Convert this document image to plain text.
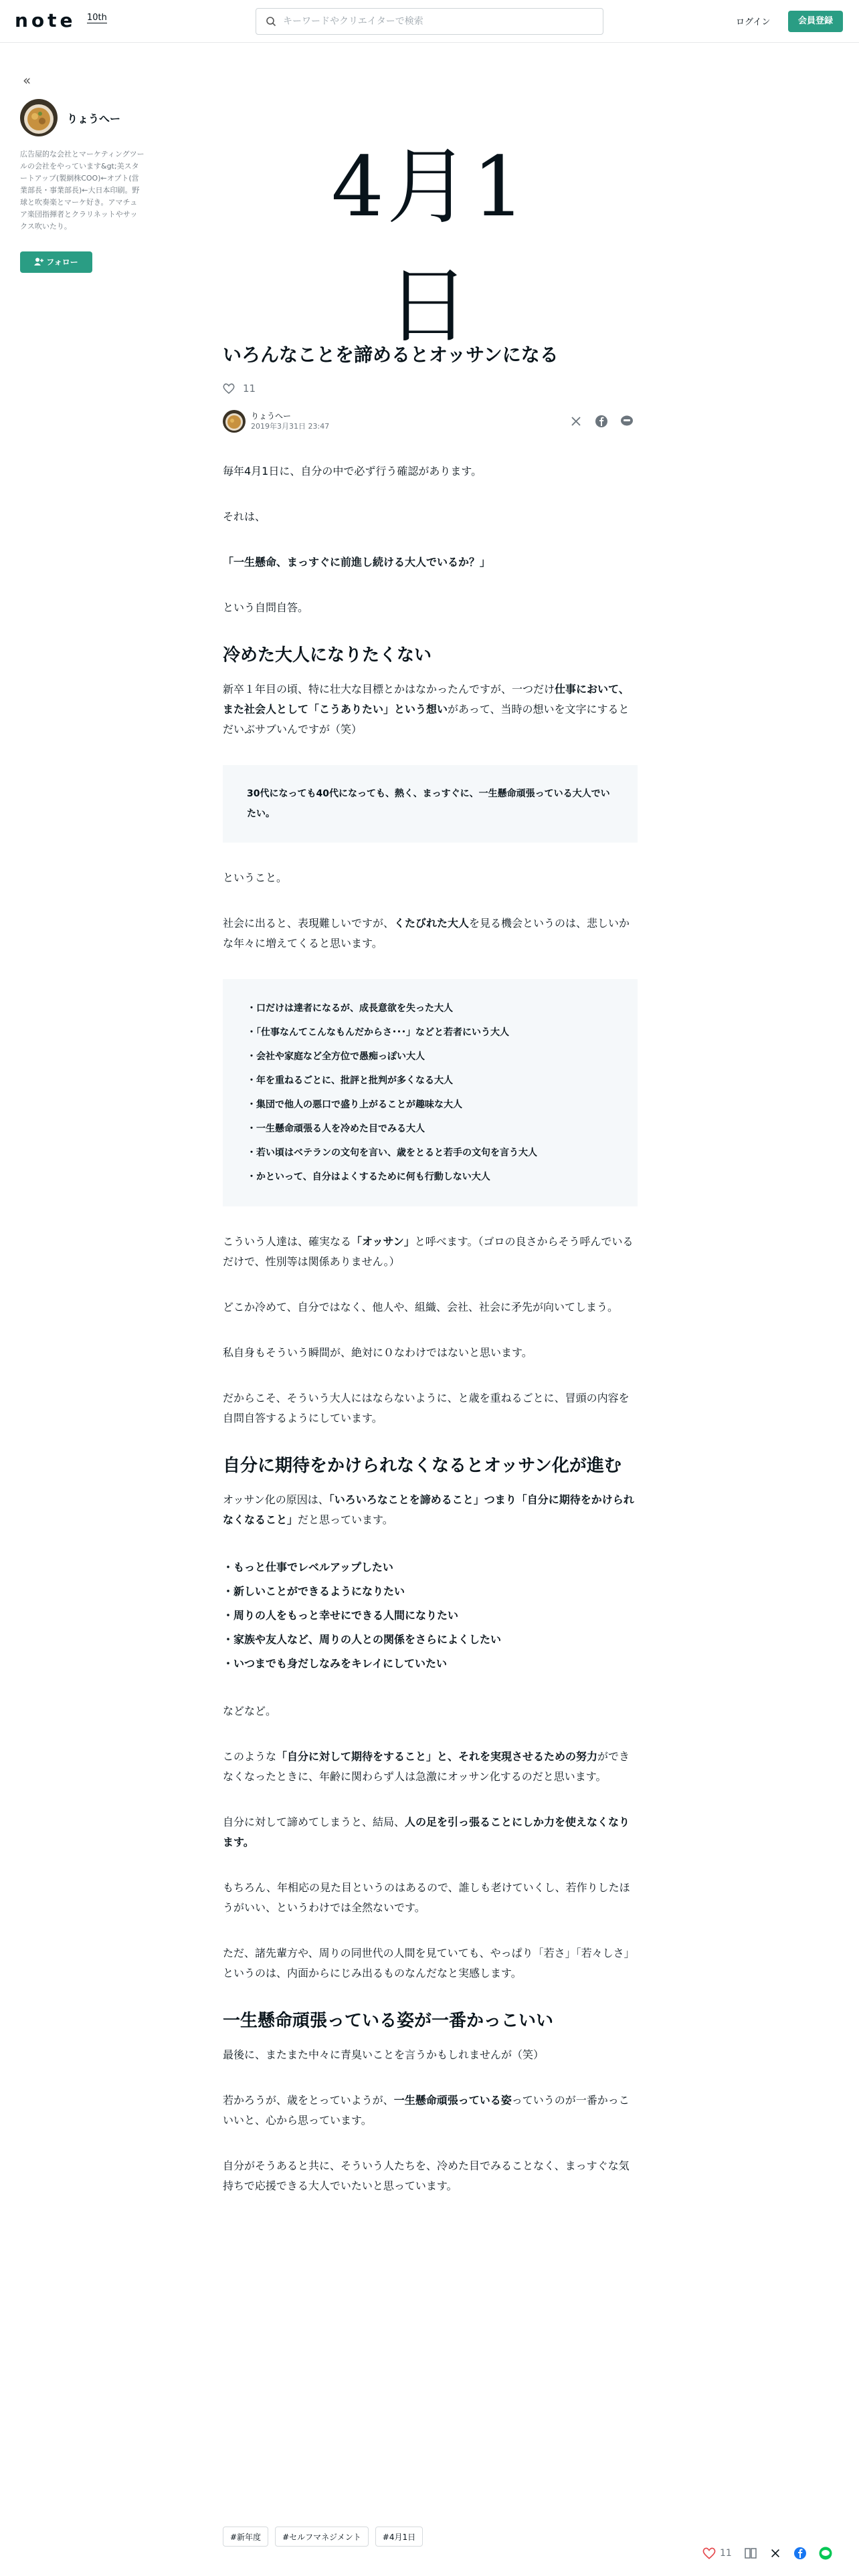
note 10th
キーワードやクリエイターで検索	ログイン	会員登録
«
りょうへー
広告屋的な会社とマーケティングツールの会社をやっています&gt;美スタートアップ(製網株COO)←オプト(営業部長・事業部長)←大日本印刷。野球と吹奏楽とマーケ好き。アマチュア楽団指揮者とクラリネットやサックス吹いたり。
フォロー
4月1日
いろんなことを諦めるとオッサンになる
11
りょうへー
2019年3月31日 23:47
毎年4月1日に、自分の中で必ず行う確認があります。
それは、
「一生懸命、まっすぐに前進し続ける大人でいるか？」
という自問自答。
冷めた大人になりたくない
新卒１年目の頃、特に壮大な目標とかはなかったんですが、一つだけ仕事において、また社会人として「こうありたい」という想いがあって、当時の想いを文字にするとだいぶサブいんですが（笑）
30代になっても40代になっても、熱く、まっすぐに、一生懸命頑張っている大人でいたい。
ということ。
社会に出ると、表現難しいですが、くたびれた大人を見る機会というのは、悲しいかな年々に増えてくると思います。
・口だけは達者になるが、成長意欲を失った大人
・「仕事なんてこんなもんだからさ･･･」などと若者にいう大人
・会社や家庭など全方位で愚痴っぽい大人
・年を重ねるごとに、批評と批判が多くなる大人
・集団で他人の悪口で盛り上がることが趣味な大人
・一生懸命頑張る人を冷めた目でみる大人
・若い頃はベテランの文句を言い、歳をとると若手の文句を言う大人
・かといって、自分はよくするために何も行動しない大人
こういう人達は、確実なる「オッサン」と呼べます。（ゴロの良さからそう呼んでいるだけで、性別等は関係ありません。）
どこか冷めて、自分ではなく、他人や、組織、会社、社会に矛先が向いてしまう。
私自身もそういう瞬間が、絶対に０なわけではないと思います。
だからこそ、そういう大人にはならないように、と歳を重ねるごとに、冒頭の内容を自問自答するようにしています。
自分に期待をかけられなくなるとオッサン化が進む
オッサン化の原因は、「いろいろなことを諦めること」つまり「自分に期待をかけられなくなること」だと思っています。
・もっと仕事でレベルアップしたい
・新しいことができるようになりたい
・周りの人をもっと幸せにできる人間になりたい
・家族や友人など、周りの人との関係をさらによくしたい
・いつまでも身だしなみをキレイにしていたい
などなど。
このような「自分に対して期待をすること」と、それを実現させるための努力ができなくなったときに、年齢に関わらず人は急激にオッサン化するのだと思います。
自分に対して諦めてしまうと、結局、人の足を引っ張ることにしか力を使えなくなります。
もちろん、年相応の見た目というのはあるので、誰しも老けていくし、若作りしたほうがいい、というわけでは全然ないです。
ただ、諸先輩方や、周りの同世代の人間を見ていても、やっぱり「若さ」「若々しさ」というのは、内面からにじみ出るものなんだなと実感します。
一生懸命頑張っている姿が一番かっこいい
最後に、またまた中々に青臭いことを言うかもしれませんが（笑）
若かろうが、歳をとっていようが、一生懸命頑張っている姿っていうのが一番かっこいいと、心から思っています。
自分がそうあると共に、そういう人たちを、冷めた目でみることなく、まっすぐな気持ちで応援できる大人でいたいと思っています。
#新年度	#セルフマネジメント	#4月1日
11
